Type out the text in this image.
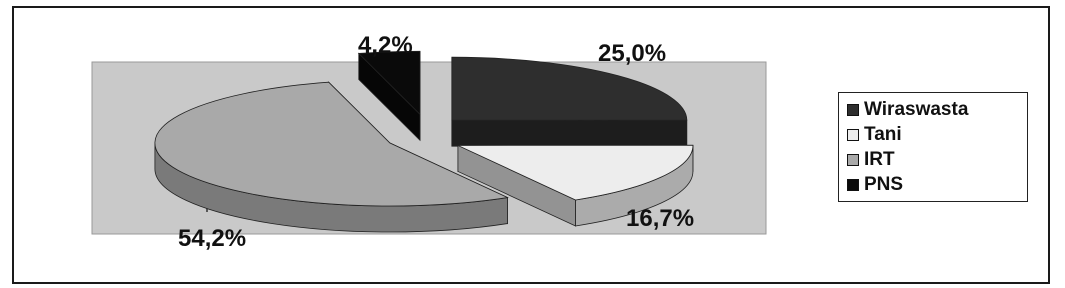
25,0%
16,7%
54,2%
4,2%
Wiraswasta
Tani
IRT
PNS
